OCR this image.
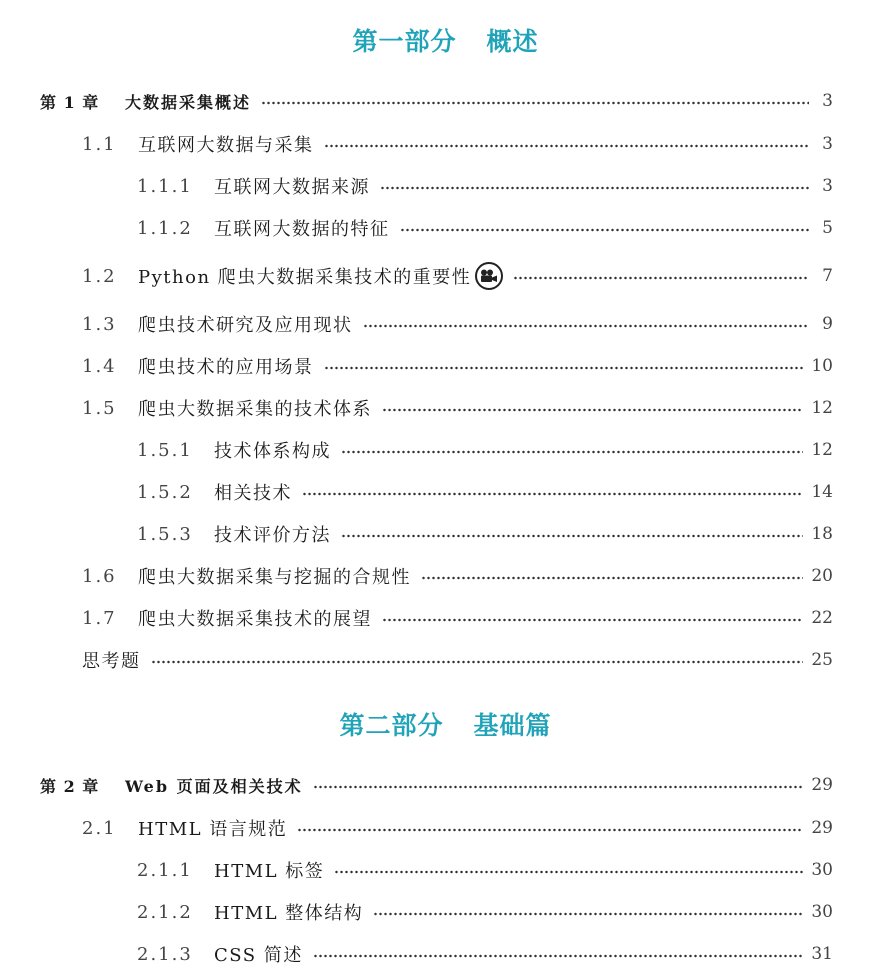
第一部分 概述
第 1 章	大数据采集概述	3
1.1	互联网大数据与采集	3
1.1.1	互联网大数据来源	3
1.1.2	互联网大数据的特征	5
1.2	Python 爬虫大数据采集技术的重要性	7
1.3	爬虫技术研究及应用现状	9
1.4	爬虫技术的应用场景	10
1.5	爬虫大数据采集的技术体系	12
1.5.1	技术体系构成	12
1.5.2	相关技术	14
1.5.3	技术评价方法	18
1.6	爬虫大数据采集与挖掘的合规性	20
1.7	爬虫大数据采集技术的展望	22
思考题	25
第二部分 基础篇
第 2 章	Web 页面及相关技术	29
2.1	HTML 语言规范	29
2.1.1	HTML 标签	30
2.1.2	HTML 整体结构	30
2.1.3	CSS 简述	31
